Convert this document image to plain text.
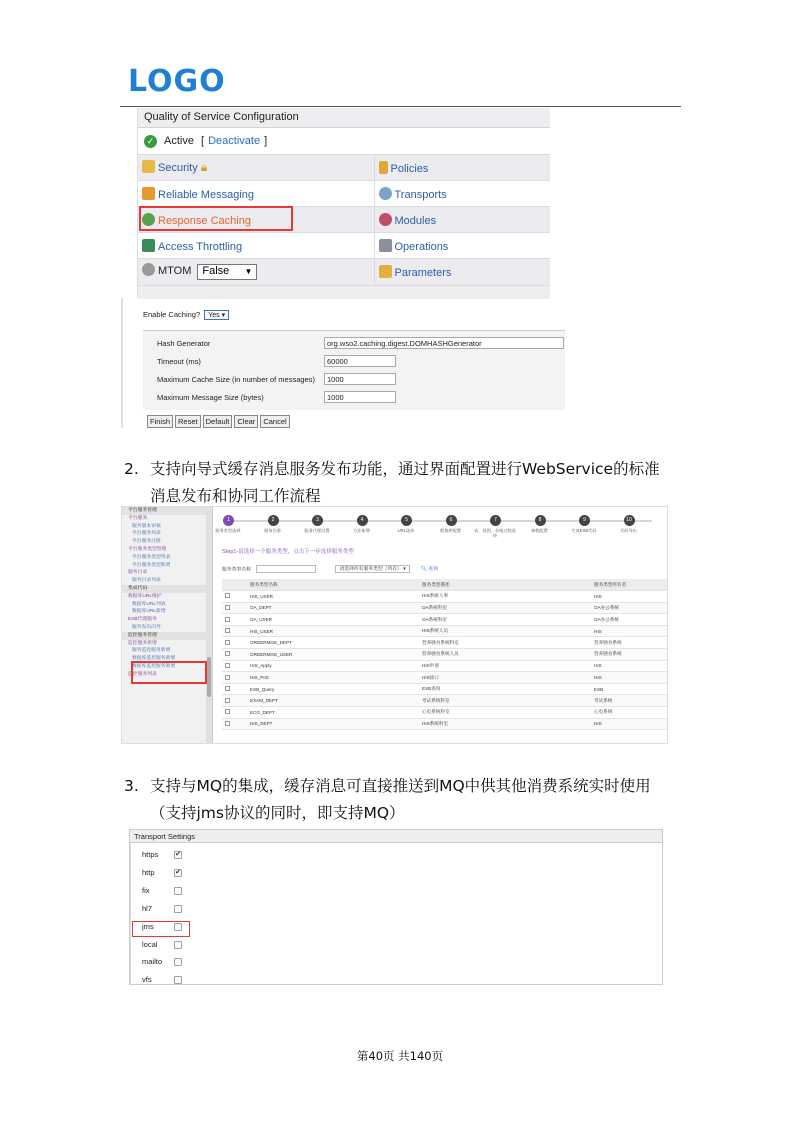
LOGO
Quality of Service Configuration
✓ Active [ Deactivate ]
Security 🔒︎	Policies
Reliable Messaging	Transports
Response Caching	Modules
Access Throttling	Operations
MTOM False ▼	Parameters
Enable Caching? Yes ▾
Hash Generator	org.wso2.caching.digest.DOMHASHGenerator
Timeout (ms)	60000
Maximum Cache Size (in number of messages)	1000
Maximum Message Size (bytes)	1000
Finish	Reset	Default	Clear	Cancel
2. 支持向导式缓存消息服务发布功能，通过界面配置进行WebService的标准
消息发布和协同工作流程
平台服务管理
平台服务
服务版本审核
平台服务列表
平台服务注册
平台服务类型管理
平台服务类型列表
平台服务类型新增
服务目录
服务目录列表
集成代码
数据库URL维护
数据库URL列表
数据库URL新增
ESB代理服务
服务发布向导
监控服务管理
监控服务新增
服务监控服务新增
数据库监控服务新增
数据库监控服务新增
监控服务列表
1
服务类型选择
2
服务注册
3
服务代理设置
4
方法新增
5
URL选择
6
数据库配置
7
表、视图、存储过程选择
8
参数配置
9
生成ESB代码
10
代码导出
Step1-请选择一个服务类型，点击下一步选择服务类型
服务类型名称	请选择所有服务类型（所有） ▾	🔍︎ 查询
	服务类型名称	服务类型描述	服务类型所有者
	HIS_USER	HIS系统人事	HIS
	OA_DEPT	OA系统科室	OA办公系统
	OA_USER	OA系统科室	OA办公系统
	HIS_USER	HIS系统人员	HIS
	ORDERMGE_DEPT	营养膳食系统科室	营养膳食系统
	ORDERMGE_USER	营养膳食系统人员	营养膳食系统
	HIS_Apply	HIS申请	HIS
	HIS_Port	HIS接口	HIS
	ESB_Query	ESB查询	ESB
	EXAM_DEPT	考试系统科室	考试系统
	ECG_DEPT	心电系统科室	心电系统
	HIS_DEPT	HIS系统科室	HIS
3. 支持与MQ的集成，缓存消息可直接推送到MQ中供其他消费系统实时使用
（支持jms协议的同时，即支持MQ）
Transport Settings
https ✔
http	✔
fix
hl7
jms
local
mailto
vfs
第40页 共140页
